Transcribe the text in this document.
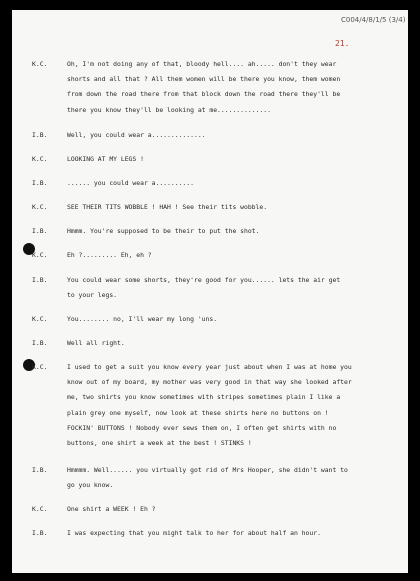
C004/4/8/1/5 (3/4)
21.
K.C.	Oh, I'm not doing any of that, bloody hell.... ah..... don't they wear
shorts and all that ? All them women will be there you know, them women
from down the road there from that block down the road there they'll be
there you know they'll be looking at me..............
I.B.	Well, you could wear a..............
K.C.	LOOKING AT MY LEGS !
I.B.	...... you could wear a..........
K.C.	SEE THEIR TITS WOBBLE ! HAH ! See their tits wobble.
I.B.	Hmmm. You're supposed to be their to put the shot.
K.C.	Eh ?......... Eh, eh ?
I.B.	You could wear some shorts, they're good for you...... lets the air get
to your legs.
K.C.	You........ no, I'll wear my long 'uns.
I.B.	Well all right.
K.C.	I used to get a suit you know every year just about when I was at home you
know out of my board, my mother was very good in that way she looked after
me, two shirts you know sometimes with stripes sometimes plain I like a
plain grey one myself, now look at these shirts here no buttons on !
FOCKIN' BUTTONS ! Nobody ever sews them on, I often get shirts with no
buttons, one shirt a week at the best ! STINKS !
I.B.	Hmmmm. Well...... you virtually got rid of Mrs Hooper, she didn't want to
go you know.
K.C.	One shirt a WEEK ! Eh ?
I.B.	I was expecting that you might talk to her for about half an hour.
